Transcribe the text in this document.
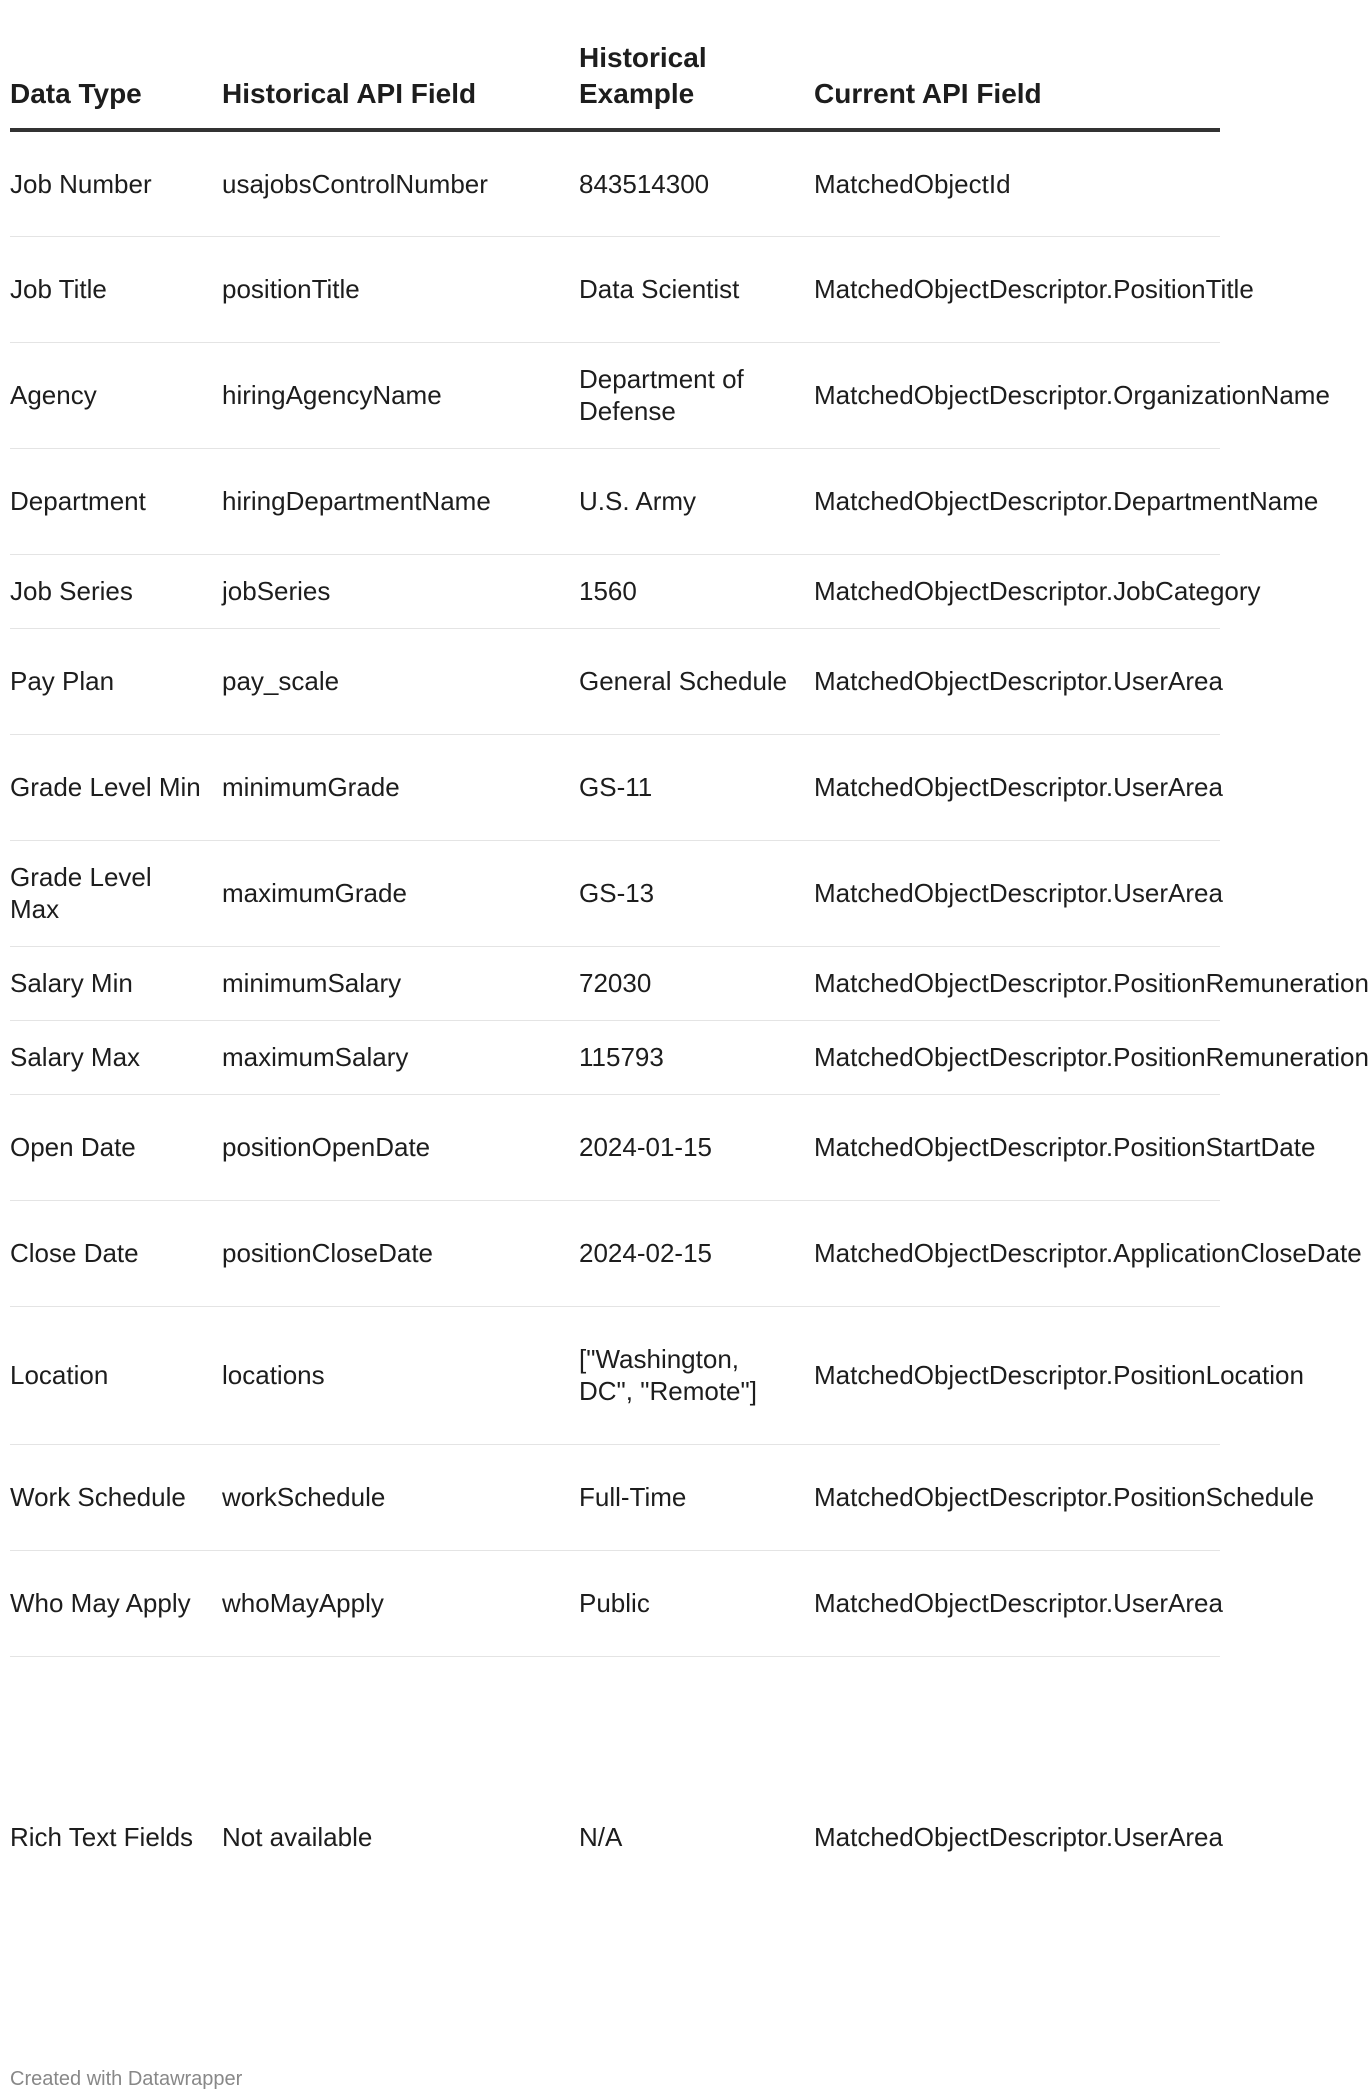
Data Type	Historical API Field	Historical Example	Current API Field
Job Number	usajobsControlNumber	843514300	MatchedObjectId
Job Title	positionTitle	Data Scientist	MatchedObjectDescriptor.PositionTitle
Agency	hiringAgencyName	Department of Defense	MatchedObjectDescriptor.OrganizationName
Department	hiringDepartmentName	U.S. Army	MatchedObjectDescriptor.DepartmentName
Job Series	jobSeries	1560	MatchedObjectDescriptor.JobCategory
Pay Plan	pay_scale	General Schedule	MatchedObjectDescriptor.UserArea
Grade Level Min	minimumGrade	GS-11	MatchedObjectDescriptor.UserArea
Grade Level Max	maximumGrade	GS-13	MatchedObjectDescriptor.UserArea
Salary Min	minimumSalary	72030	MatchedObjectDescriptor.PositionRemuneration
Salary Max	maximumSalary	115793	MatchedObjectDescriptor.PositionRemuneration
Open Date	positionOpenDate	2024-01-15	MatchedObjectDescriptor.PositionStartDate
Close Date	positionCloseDate	2024-02-15	MatchedObjectDescriptor.ApplicationCloseDate
Location	locations	["Washington, DC", "Remote"]	MatchedObjectDescriptor.PositionLocation
Work Schedule	workSchedule	Full-Time	MatchedObjectDescriptor.PositionSchedule
Who May Apply	whoMayApply	Public	MatchedObjectDescriptor.UserArea
Rich Text Fields	Not available	N/A	MatchedObjectDescriptor.UserArea
Created with Datawrapper
